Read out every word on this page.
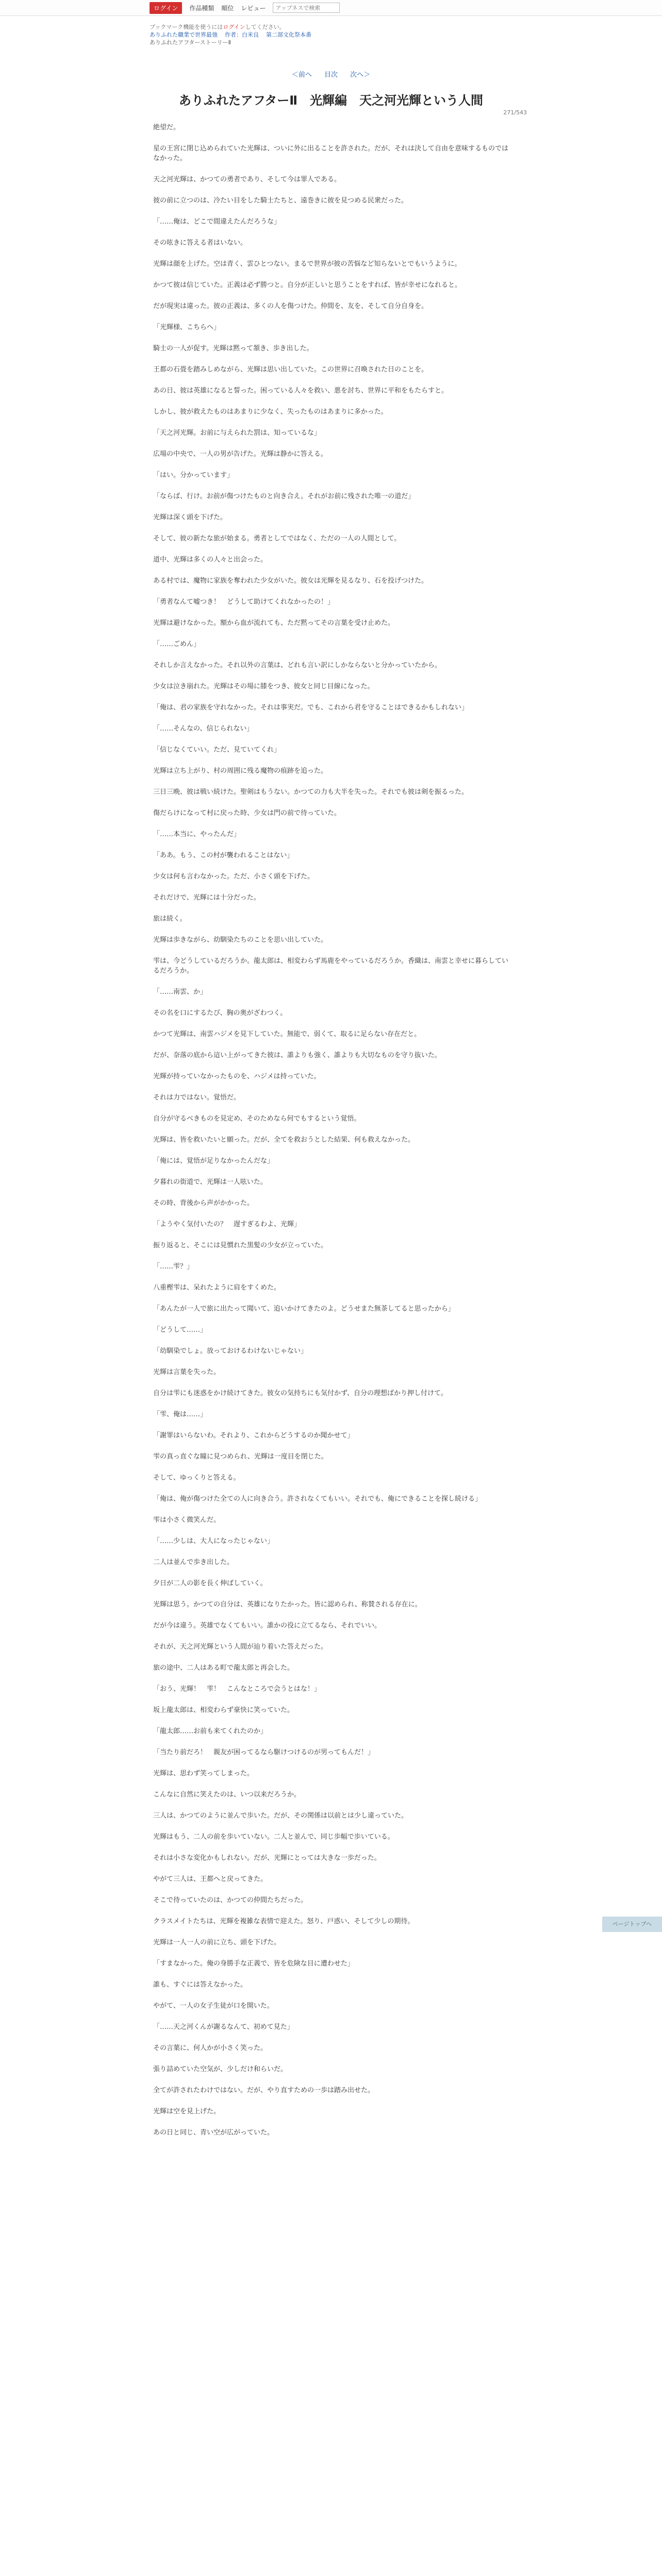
ログイン	作品種類 順位 レビュー
アップネスで検索
ブックマーク機能を使うにはログインしてください。
ありふれた職業で世界最強 作者：白米良 第二部文化祭本番
ありふれたアフターストーリーⅡ
＜前へ 目次 次へ＞
271/543
ありふれたアフターⅡ　光輝編　天之河光輝という人間

絶望だ。

星の王宮に閉じ込められていた光輝は、ついに外に出ることを許された。だが、それは決して自由を意味するものではなかった。

天之河光輝は、かつての勇者であり、そして今は罪人である。

彼の前に立つのは、冷たい目をした騎士たちと、遠巻きに彼を見つめる民衆だった。

「……俺は、どこで間違えたんだろうな」

その呟きに答える者はいない。

光輝は顔を上げた。空は青く、雲ひとつない。まるで世界が彼の苦悩など知らないとでもいうように。

かつて彼は信じていた。正義は必ず勝つと。自分が正しいと思うことをすれば、皆が幸せになれると。

だが現実は違った。彼の正義は、多くの人を傷つけた。仲間を、友を、そして自分自身を。

「光輝様、こちらへ」

騎士の一人が促す。光輝は黙って頷き、歩き出した。

王都の石畳を踏みしめながら、光輝は思い出していた。この世界に召喚された日のことを。

あの日、彼は英雄になると誓った。困っている人々を救い、悪を討ち、世界に平和をもたらすと。

しかし、彼が救えたものはあまりに少なく、失ったものはあまりに多かった。

「天之河光輝。お前に与えられた罰は、知っているな」

広場の中央で、一人の男が告げた。光輝は静かに答える。

「はい。分かっています」

「ならば、行け。お前が傷つけたものと向き合え。それがお前に残された唯一の道だ」

光輝は深く頭を下げた。

そして、彼の新たな旅が始まる。勇者としてではなく、ただの一人の人間として。

道中、光輝は多くの人々と出会った。

ある村では、魔物に家族を奪われた少女がいた。彼女は光輝を見るなり、石を投げつけた。

「勇者なんて嘘つき！　どうして助けてくれなかったの！」

光輝は避けなかった。額から血が流れても、ただ黙ってその言葉を受け止めた。

「……ごめん」

それしか言えなかった。それ以外の言葉は、どれも言い訳にしかならないと分かっていたから。

少女は泣き崩れた。光輝はその場に膝をつき、彼女と同じ目線になった。

「俺は、君の家族を守れなかった。それは事実だ。でも、これから君を守ることはできるかもしれない」

「……そんなの、信じられない」

「信じなくていい。ただ、見ていてくれ」

光輝は立ち上がり、村の周囲に残る魔物の痕跡を追った。

三日三晩、彼は戦い続けた。聖剣はもうない。かつての力も大半を失った。それでも彼は剣を振るった。

傷だらけになって村に戻った時、少女は門の前で待っていた。

「……本当に、やったんだ」

「ああ。もう、この村が襲われることはない」

少女は何も言わなかった。ただ、小さく頭を下げた。

それだけで、光輝には十分だった。

旅は続く。

光輝は歩きながら、幼馴染たちのことを思い出していた。

雫は、今どうしているだろうか。龍太郎は、相変わらず馬鹿をやっているだろうか。香織は、南雲と幸せに暮らしているだろうか。

「……南雲、か」

その名を口にするたび、胸の奥がざわつく。

かつて光輝は、南雲ハジメを見下していた。無能で、弱くて、取るに足らない存在だと。

だが、奈落の底から這い上がってきた彼は、誰よりも強く、誰よりも大切なものを守り抜いた。

光輝が持っていなかったものを、ハジメは持っていた。

それは力ではない。覚悟だ。

自分が守るべきものを見定め、そのためなら何でもするという覚悟。

光輝は、皆を救いたいと願った。だが、全てを救おうとした結果、何も救えなかった。

「俺には、覚悟が足りなかったんだな」

夕暮れの街道で、光輝は一人呟いた。

その時、背後から声がかかった。

「ようやく気付いたの？　遅すぎるわよ、光輝」

振り返ると、そこには見慣れた黒髪の少女が立っていた。

「……雫？」

八重樫雫は、呆れたように肩をすくめた。

「あんたが一人で旅に出たって聞いて、追いかけてきたのよ。どうせまた無茶してると思ったから」

「どうして……」

「幼馴染でしょ。放っておけるわけないじゃない」

光輝は言葉を失った。

自分は雫にも迷惑をかけ続けてきた。彼女の気持ちにも気付かず、自分の理想ばかり押し付けて。

「雫、俺は……」

「謝罪はいらないわ。それより、これからどうするのか聞かせて」

雫の真っ直ぐな瞳に見つめられ、光輝は一度目を閉じた。

そして、ゆっくりと答える。

「俺は、俺が傷つけた全ての人に向き合う。許されなくてもいい。それでも、俺にできることを探し続ける」

雫は小さく微笑んだ。

「……少しは、大人になったじゃない」

二人は並んで歩き出した。

夕日が二人の影を長く伸ばしていく。

光輝は思う。かつての自分は、英雄になりたかった。皆に認められ、称賛される存在に。

だが今は違う。英雄でなくてもいい。誰かの役に立てるなら、それでいい。

それが、天之河光輝という人間が辿り着いた答えだった。

旅の途中、二人はある町で龍太郎と再会した。

「おう、光輝！　雫！　こんなところで会うとはな！」

坂上龍太郎は、相変わらず豪快に笑っていた。

「龍太郎……お前も来てくれたのか」

「当たり前だろ！　親友が困ってるなら駆けつけるのが男ってもんだ！」

光輝は、思わず笑ってしまった。

こんなに自然に笑えたのは、いつ以来だろうか。

三人は、かつてのように並んで歩いた。だが、その関係は以前とは少し違っていた。

光輝はもう、二人の前を歩いていない。二人と並んで、同じ歩幅で歩いている。

それは小さな変化かもしれない。だが、光輝にとっては大きな一歩だった。

やがて三人は、王都へと戻ってきた。

そこで待っていたのは、かつての仲間たちだった。

クラスメイトたちは、光輝を複雑な表情で迎えた。怒り、戸惑い、そして少しの期待。

光輝は一人一人の前に立ち、頭を下げた。

「すまなかった。俺の身勝手な正義で、皆を危険な目に遭わせた」

誰も、すぐには答えなかった。

やがて、一人の女子生徒が口を開いた。

「……天之河くんが謝るなんて、初めて見た」

その言葉に、何人かが小さく笑った。

張り詰めていた空気が、少しだけ和らいだ。

全てが許されたわけではない。だが、やり直すための一歩は踏み出せた。

光輝は空を見上げた。

あの日と同じ、青い空が広がっていた。

ページトップへ
